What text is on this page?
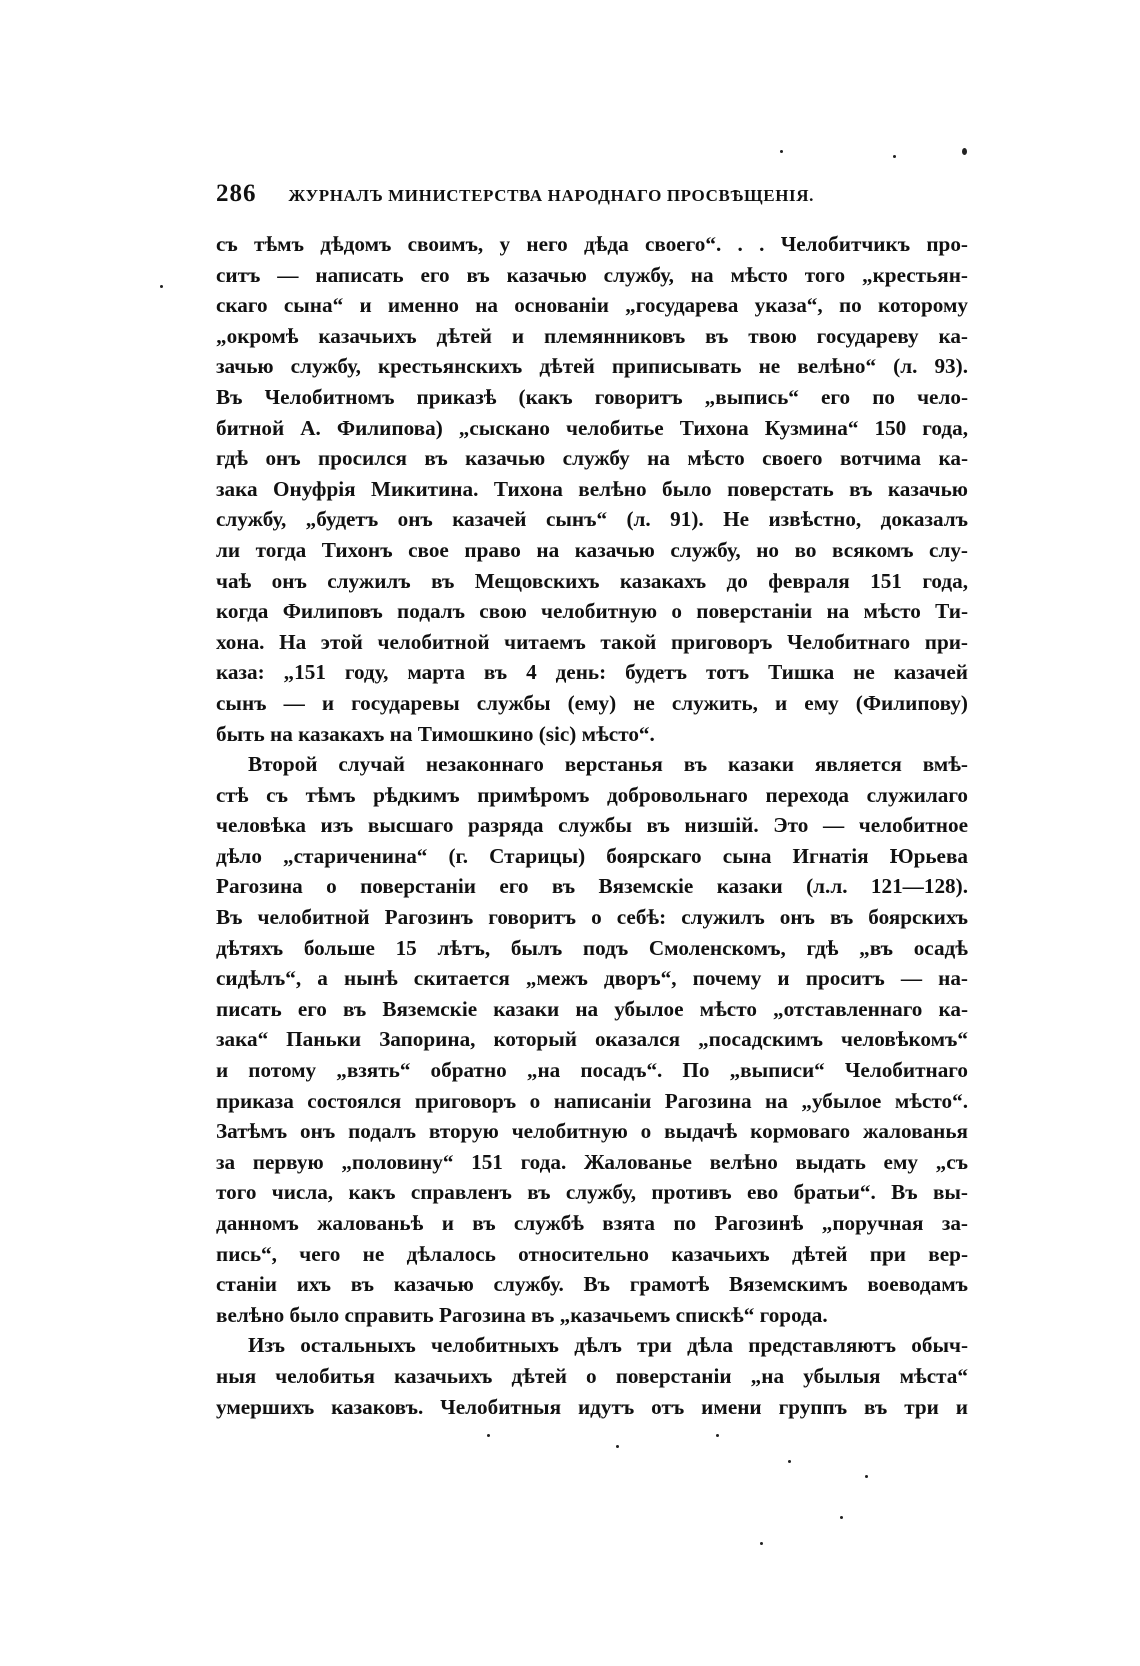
286 ЖУРНАЛЪ МИНИСТЕРСТВА НАРОДНАГО ПРОСВѢЩЕНІЯ.
съ тѣмъ дѣдомъ своимъ, у него дѣда своего“. . . Челобитчикъ про-
ситъ — написать его въ казачью службу, на мѣсто того „крестьян-
скаго сына“ и именно на основаніи „государева указа“, по которому
„окромѣ казачьихъ дѣтей и племянниковъ въ твою государеву ка-
зачью службу, крестьянскихъ дѣтей приписывать не велѣно“ (л. 93).
Въ Челобитномъ приказѣ (какъ говоритъ „выпись“ его по чело-
битной А. Филипова) „сыскано челобитье Тихона Кузмина“ 150 года,
гдѣ онъ просился въ казачью службу на мѣсто своего вотчима ка-
зака Онуфрія Микитина. Тихона велѣно было поверстать въ казачью
службу, „будетъ онъ казачей сынъ“ (л. 91). Не извѣстно, доказалъ
ли тогда Тихонъ свое право на казачью службу, но во всякомъ слу-
чаѣ онъ служилъ въ Мещовскихъ казакахъ до февраля 151 года,
когда Филиповъ подалъ свою челобитную о поверстаніи на мѣсто Ти-
хона. На этой челобитной читаемъ такой приговоръ Челобитнаго при-
каза: „151 году, марта въ 4 день: будетъ тотъ Тишка не казачей
сынъ — и государевы службы (ему) не служить, и ему (Филипову)
быть на казакахъ на Тимошкино (sic) мѣсто“.
Второй случай незаконнаго верстанья въ казаки является вмѣ-
стѣ съ тѣмъ рѣдкимъ примѣромъ добровольнаго перехода служилаго
человѣка изъ высшаго разряда службы въ низшій. Это — челобитное
дѣло „стариченина“ (г. Старицы) боярскаго сына Игнатія Юрьева
Рагозина о поверстаніи его въ Вяземскіе казаки (л.л. 121—128).
Въ челобитной Рагозинъ говоритъ о себѣ: служилъ онъ въ боярскихъ
дѣтяхъ больше 15 лѣтъ, былъ подъ Смоленскомъ, гдѣ „въ осадѣ
сидѣлъ“, а нынѣ скитается „межъ дворъ“, почему и проситъ — на-
писать его въ Вяземскіе казаки на убылое мѣсто „отставленнаго ка-
зака“ Паньки Запорина, который оказался „посадскимъ человѣкомъ“
и потому „взять“ обратно „на посадъ“. По „выписи“ Челобитнаго
приказа состоялся приговоръ о написаніи Рагозина на „убылое мѣсто“.
Затѣмъ онъ подалъ вторую челобитную о выдачѣ кормоваго жалованья
за первую „половину“ 151 года. Жалованье велѣно выдать ему „съ
того числа, какъ справленъ въ службу, противъ ево братьи“. Въ вы-
данномъ жалованьѣ и въ службѣ взята по Рагозинѣ „поручная за-
пись“, чего не дѣлалось относительно казачьихъ дѣтей при вер-
станіи ихъ въ казачью службу. Въ грамотѣ Вяземскимъ воеводамъ
велѣно было справить Рагозина въ „казачьемъ спискѣ“ города.
Изъ остальныхъ челобитныхъ дѣлъ три дѣла представляютъ обыч-
ныя челобитья казачьихъ дѣтей о поверстаніи „на убылыя мѣста“
умершихъ казаковъ. Челобитныя идутъ отъ имени группъ въ три и
